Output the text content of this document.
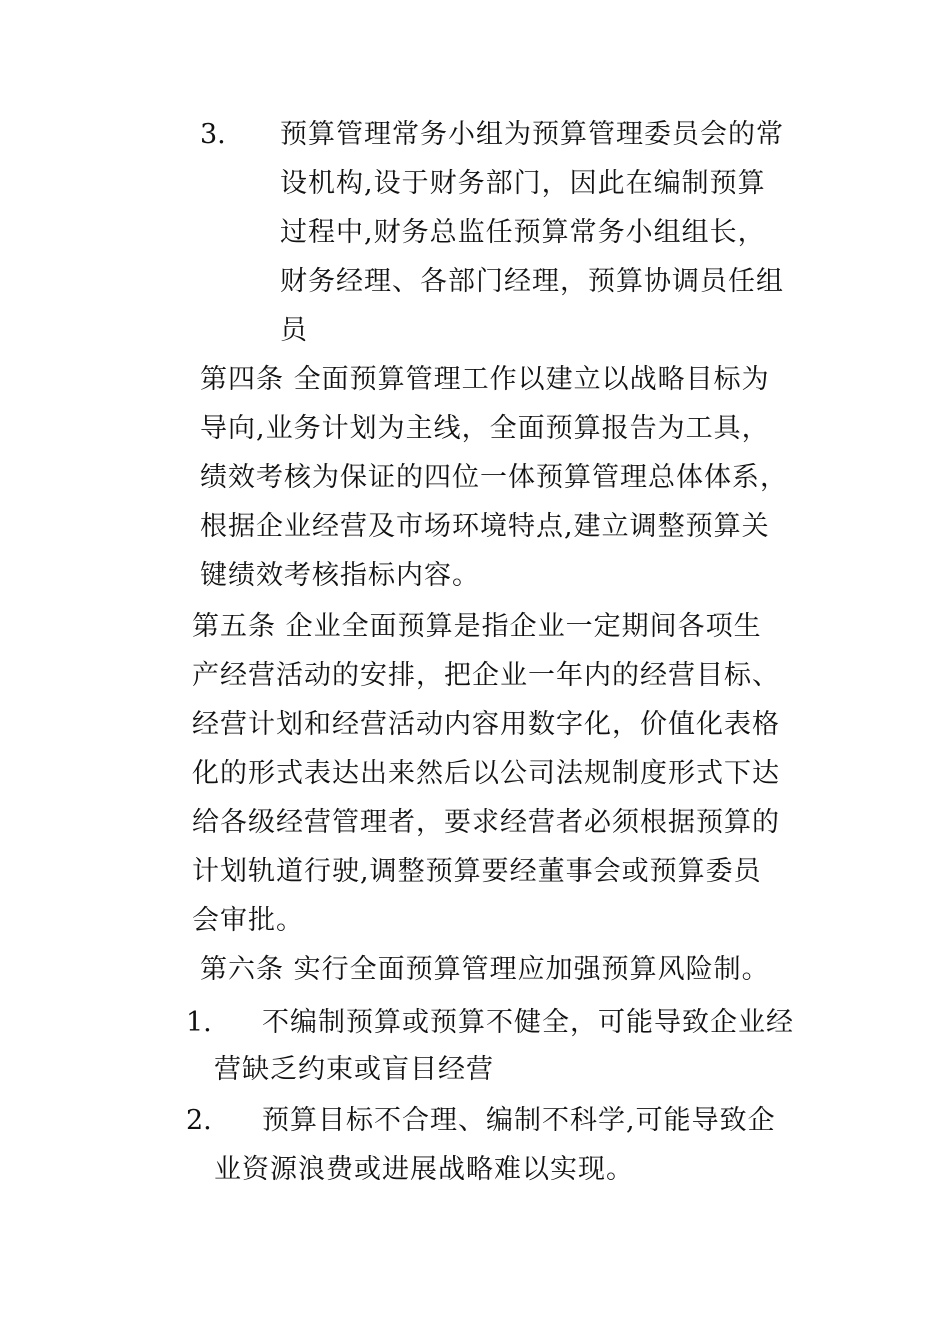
3. 预算管理常务小组为预算管理委员会的常
设机构,设于财务部门，因此在编制预算
过程中,财务总监任预算常务小组组长，
财务经理、各部门经理，预算协调员任组
员
第四条 全面预算管理工作以建立以战略目标为
导向,业务计划为主线，全面预算报告为工具，
绩效考核为保证的四位一体预算管理总体体系，
根据企业经营及市场环境特点,建立调整预算关
键绩效考核指标内容。
第五条 企业全面预算是指企业一定期间各项生
产经营活动的安排，把企业一年内的经营目标、
经营计划和经营活动内容用数字化，价值化表格
化的形式表达出来然后以公司法规制度形式下达
给各级经营管理者，要求经营者必须根据预算的
计划轨道行驶,调整预算要经董事会或预算委员
会审批。
第六条 实行全面预算管理应加强预算风险制。
1. 不编制预算或预算不健全，可能导致企业经
营缺乏约束或盲目经营
2. 预算目标不合理、编制不科学,可能导致企
业资源浪费或进展战略难以实现。
